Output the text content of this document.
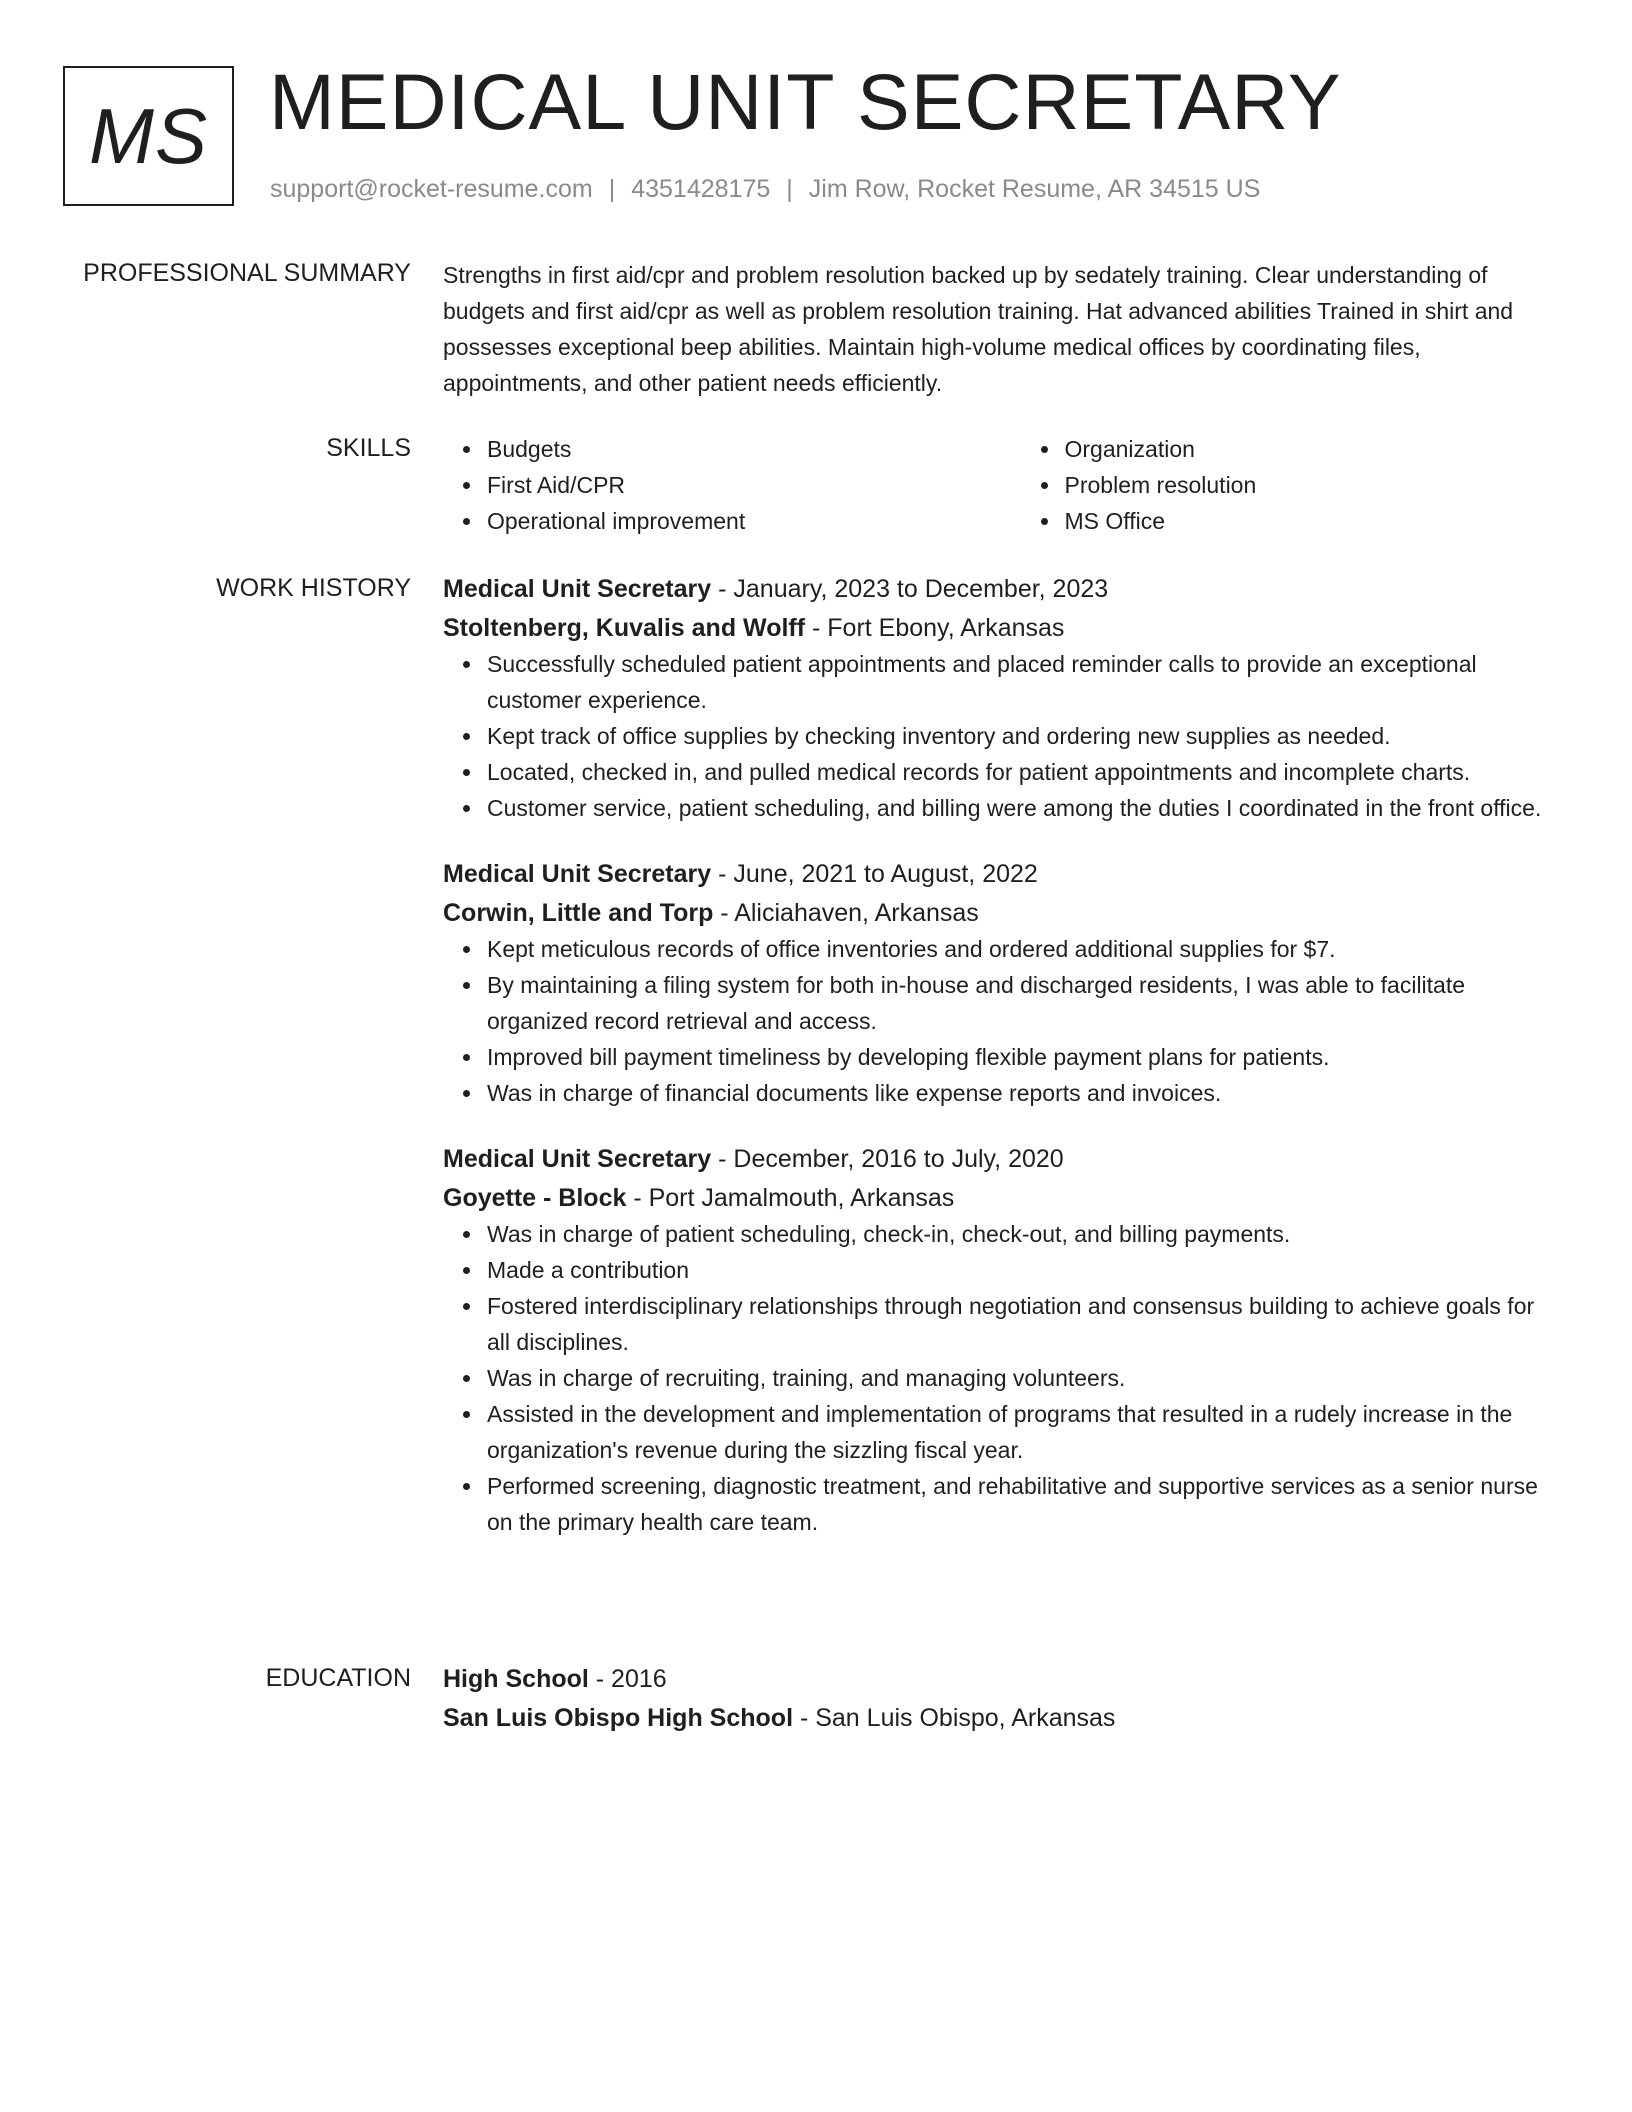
MS MEDICAL UNIT SECRETARY
support@rocket-resume.com | 4351428175 | Jim Row, Rocket Resume, AR 34515 US
PROFESSIONAL SUMMARY Strengths in first aid/cpr and problem resolution backed up by sedately training. Clear understanding of budgets and first aid/cpr as well as problem resolution training. Hat advanced abilities Trained in shirt and possesses exceptional beep abilities. Maintain high-volume medical offices by coordinating files, appointments, and other patient needs efficiently.

SKILLS	Budgets
First Aid/CPR
Operational improvement
Organization
Problem resolution
MS Office
WORK HISTORY Medical Unit Secretary - January, 2023 to December, 2023
Stoltenberg, Kuvalis and Wolff - Fort Ebony, Arkansas
Successfully scheduled patient appointments and placed reminder calls to provide an exceptional customer experience.
Kept track of office supplies by checking inventory and ordering new supplies as needed.
Located, checked in, and pulled medical records for patient appointments and incomplete charts.
Customer service, patient scheduling, and billing were among the duties I coordinated in the front office.
Medical Unit Secretary - June, 2021 to August, 2022
Corwin, Little and Torp - Aliciahaven, Arkansas
Kept meticulous records of office inventories and ordered additional supplies for $7.
By maintaining a filing system for both in-house and discharged residents, I was able to facilitate organized record retrieval and access.
Improved bill payment timeliness by developing flexible payment plans for patients.
Was in charge of financial documents like expense reports and invoices.
Medical Unit Secretary - December, 2016 to July, 2020
Goyette - Block - Port Jamalmouth, Arkansas
Was in charge of patient scheduling, check-in, check-out, and billing payments.
Made a contribution
Fostered interdisciplinary relationships through negotiation and consensus building to achieve goals for all disciplines.
Was in charge of recruiting, training, and managing volunteers.
Assisted in the development and implementation of programs that resulted in a rudely increase in the organization's revenue during the sizzling fiscal year.
Performed screening, diagnostic treatment, and rehabilitative and supportive services as a senior nurse on the primary health care team.
EDUCATION High School - 2016
San Luis Obispo High School - San Luis Obispo, Arkansas
